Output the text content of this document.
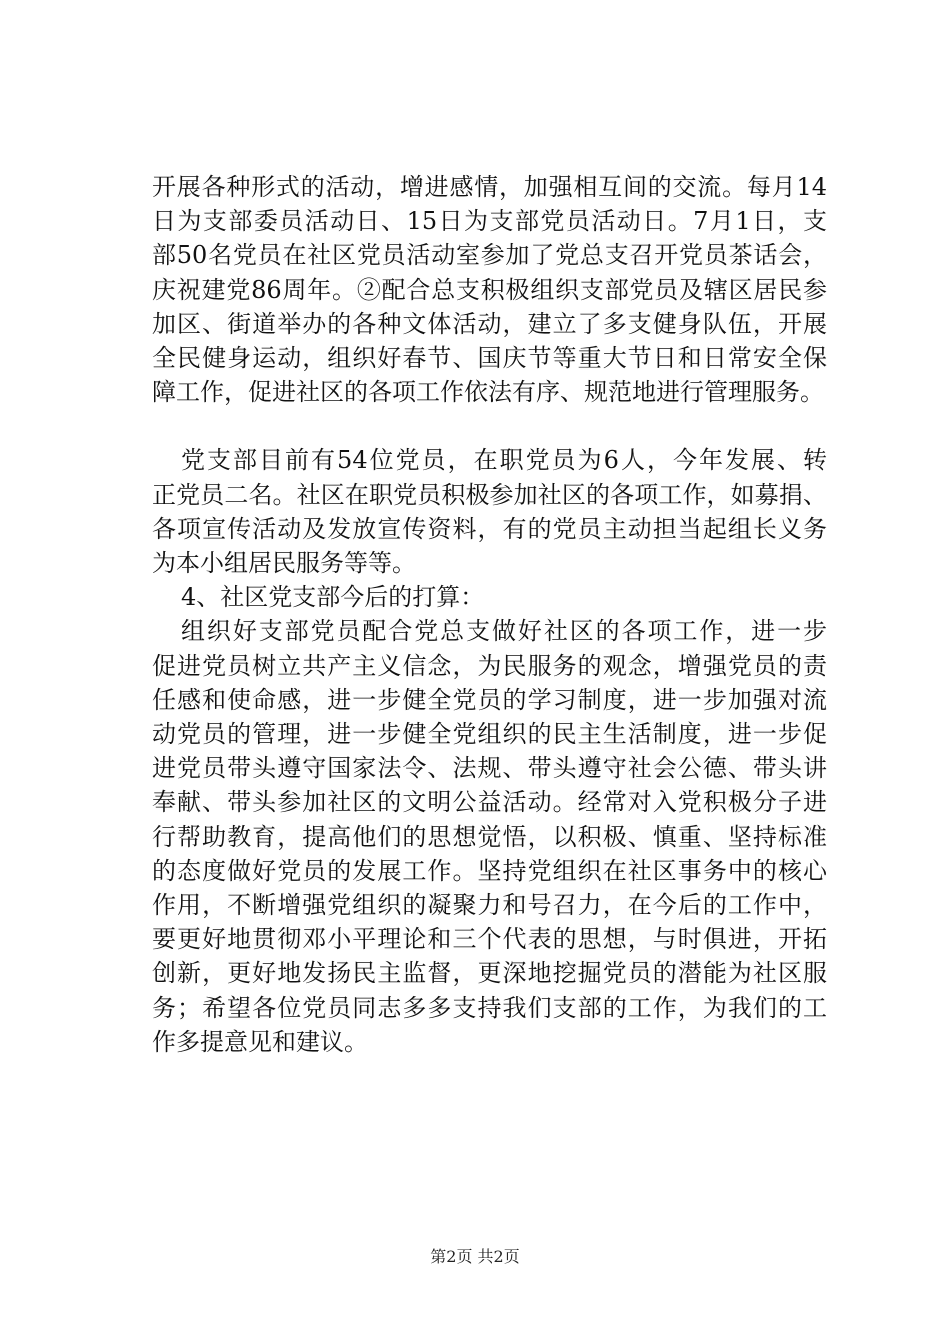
开展各种形式的活动，增进感情，加强相互间的交流。每月14

日为支部委员活动日、15日为支部党员活动日。7月1日，支

部50名党员在社区党员活动室参加了党总支召开党员茶话会，

庆祝建党86周年。②配合总支积极组织支部党员及辖区居民参

加区、街道举办的各种文体活动，建立了多支健身队伍，开展

全民健身运动，组织好春节、国庆节等重大节日和日常安全保

障工作，促进社区的各项工作依法有序、规范地进行管理服务。

党支部目前有54位党员，在职党员为6人，今年发展、转

正党员二名。社区在职党员积极参加社区的各项工作，如募捐、

各项宣传活动及发放宣传资料，有的党员主动担当起组长义务

为本小组居民服务等等。

4、社区党支部今后的打算：

组织好支部党员配合党总支做好社区的各项工作，进一步

促进党员树立共产主义信念，为民服务的观念，增强党员的责

任感和使命感，进一步健全党员的学习制度，进一步加强对流

动党员的管理，进一步健全党组织的民主生活制度，进一步促

进党员带头遵守国家法令、法规、带头遵守社会公德、带头讲

奉献、带头参加社区的文明公益活动。经常对入党积极分子进

行帮助教育，提高他们的思想觉悟，以积极、慎重、坚持标准

的态度做好党员的发展工作。坚持党组织在社区事务中的核心

作用，不断增强党组织的凝聚力和号召力，在今后的工作中，

要更好地贯彻邓小平理论和三个代表的思想，与时俱进，开拓

创新，更好地发扬民主监督，更深地挖掘党员的潜能为社区服

务；希望各位党员同志多多支持我们支部的工作，为我们的工

作多提意见和建议。

第2页 共2页
